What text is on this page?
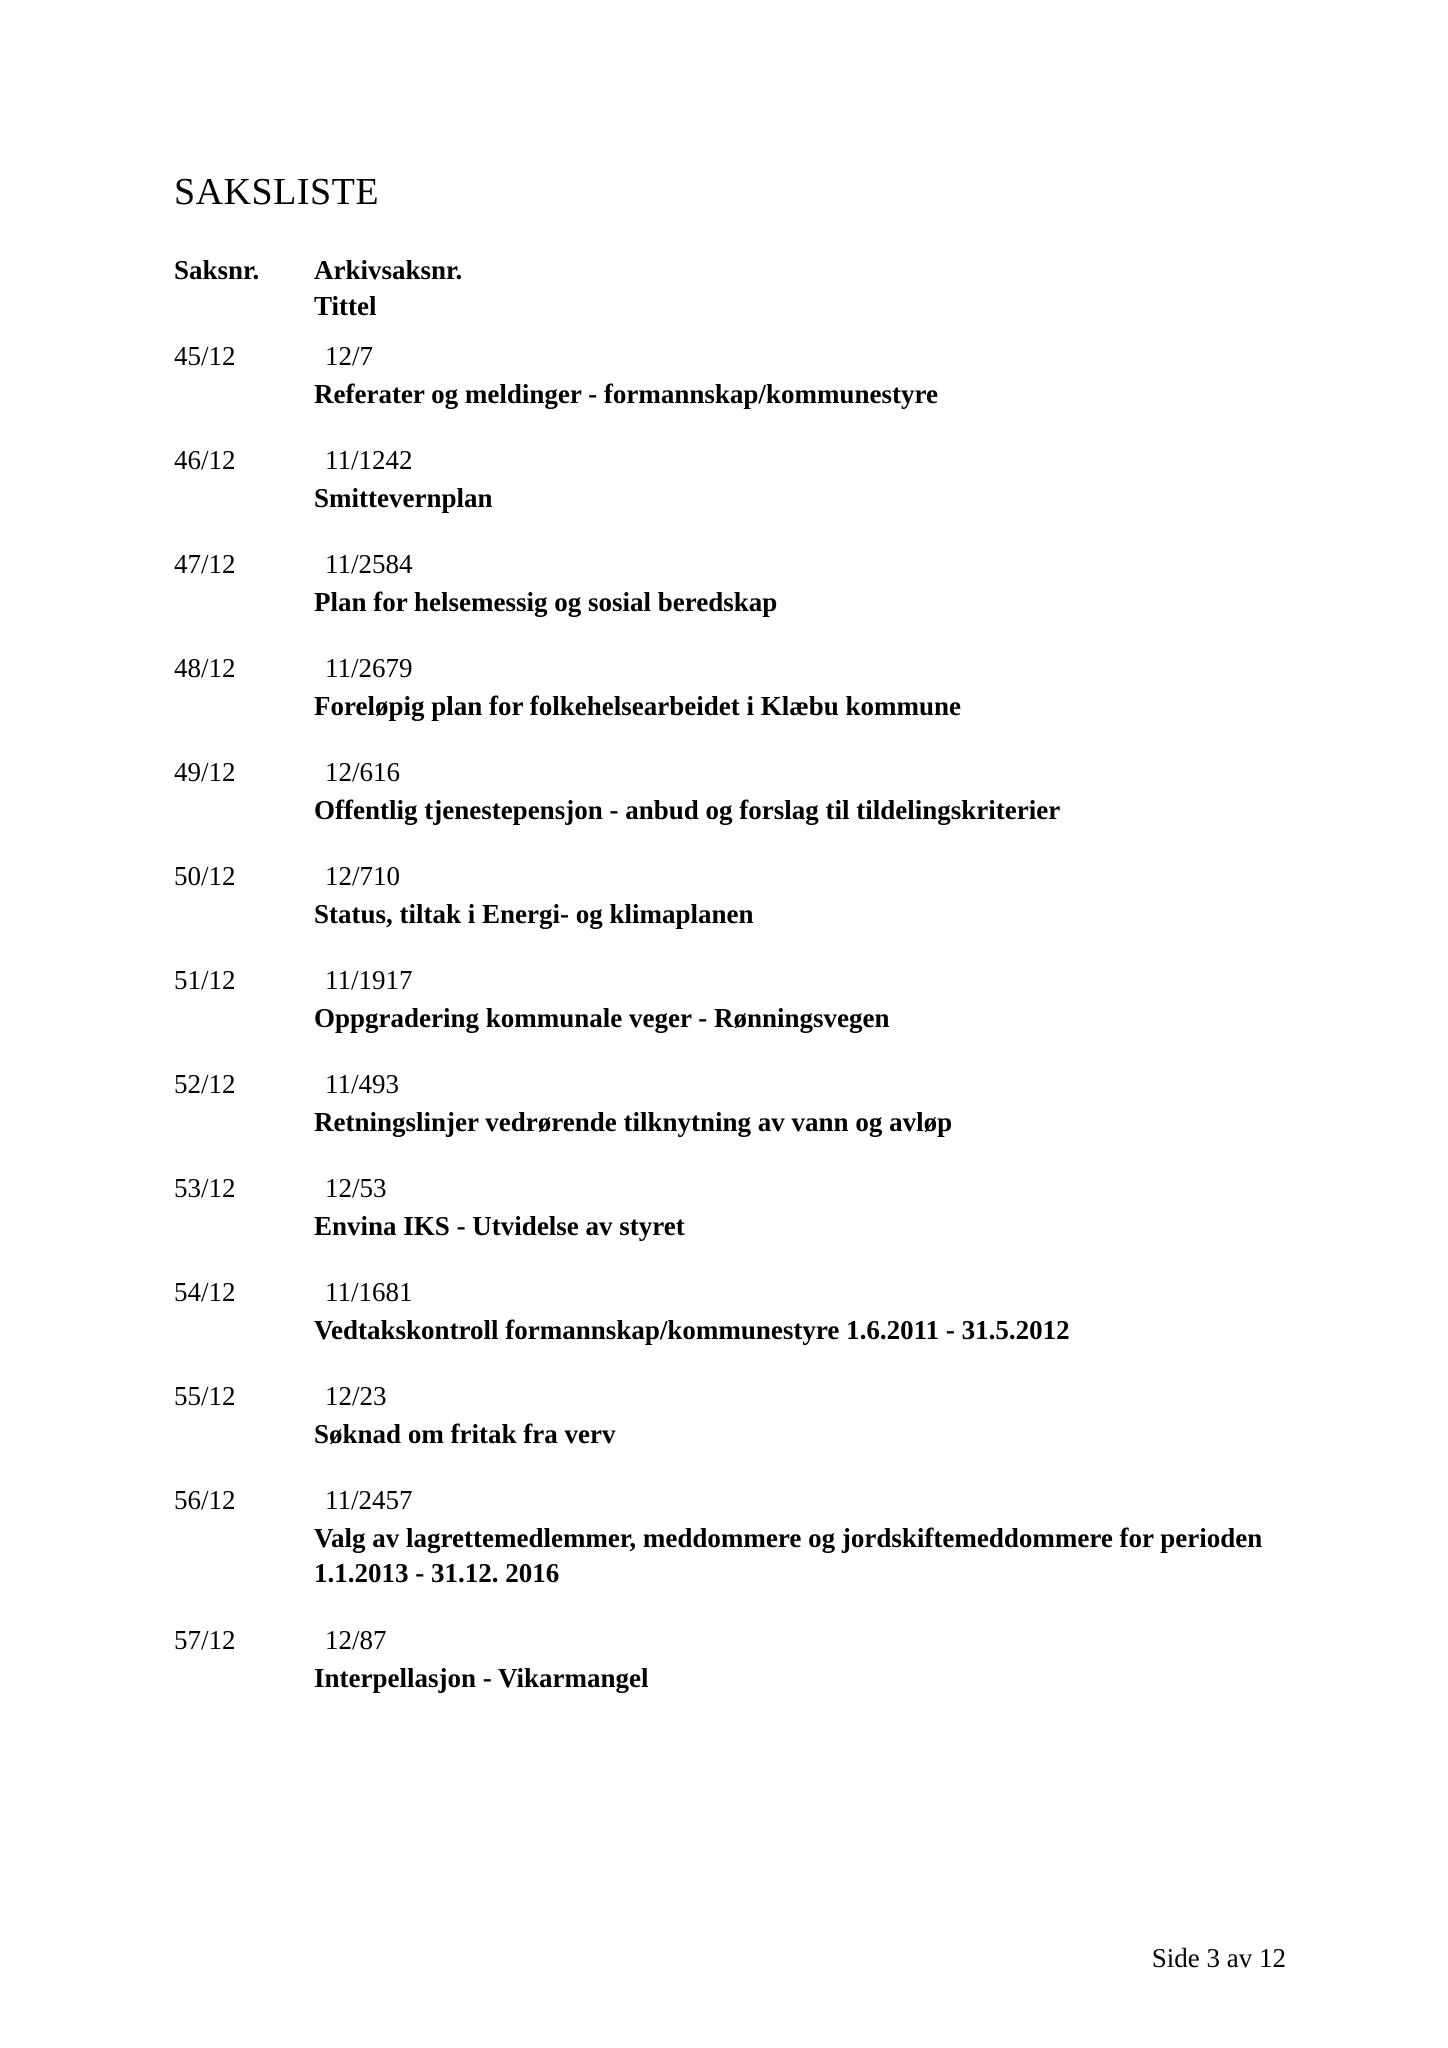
SAKSLISTE
Saksnr. Arkivsaksnr.
Tittel
45/12	12/7
Referater og meldinger - formannskap/kommunestyre
46/12	11/1242
Smittevernplan
47/12	11/2584
Plan for helsemessig og sosial beredskap
48/12	11/2679
Foreløpig plan for folkehelsearbeidet i Klæbu kommune
49/12	12/616
Offentlig tjenestepensjon - anbud og forslag til tildelingskriterier
50/12	12/710
Status, tiltak i Energi- og klimaplanen
51/12	11/1917
Oppgradering kommunale veger - Rønningsvegen
52/12	11/493
Retningslinjer vedrørende tilknytning av vann og avløp
53/12	12/53
Envina IKS - Utvidelse av styret
54/12	11/1681
Vedtakskontroll formannskap/kommunestyre 1.6.2011 - 31.5.2012
55/12	12/23
Søknad om fritak fra verv
56/12	11/2457
Valg av lagrettemedlemmer, meddommere og jordskiftemeddommere for perioden 1.1.2013 - 31.12. 2016
57/12	12/87
Interpellasjon - Vikarmangel
Side 3 av 12
